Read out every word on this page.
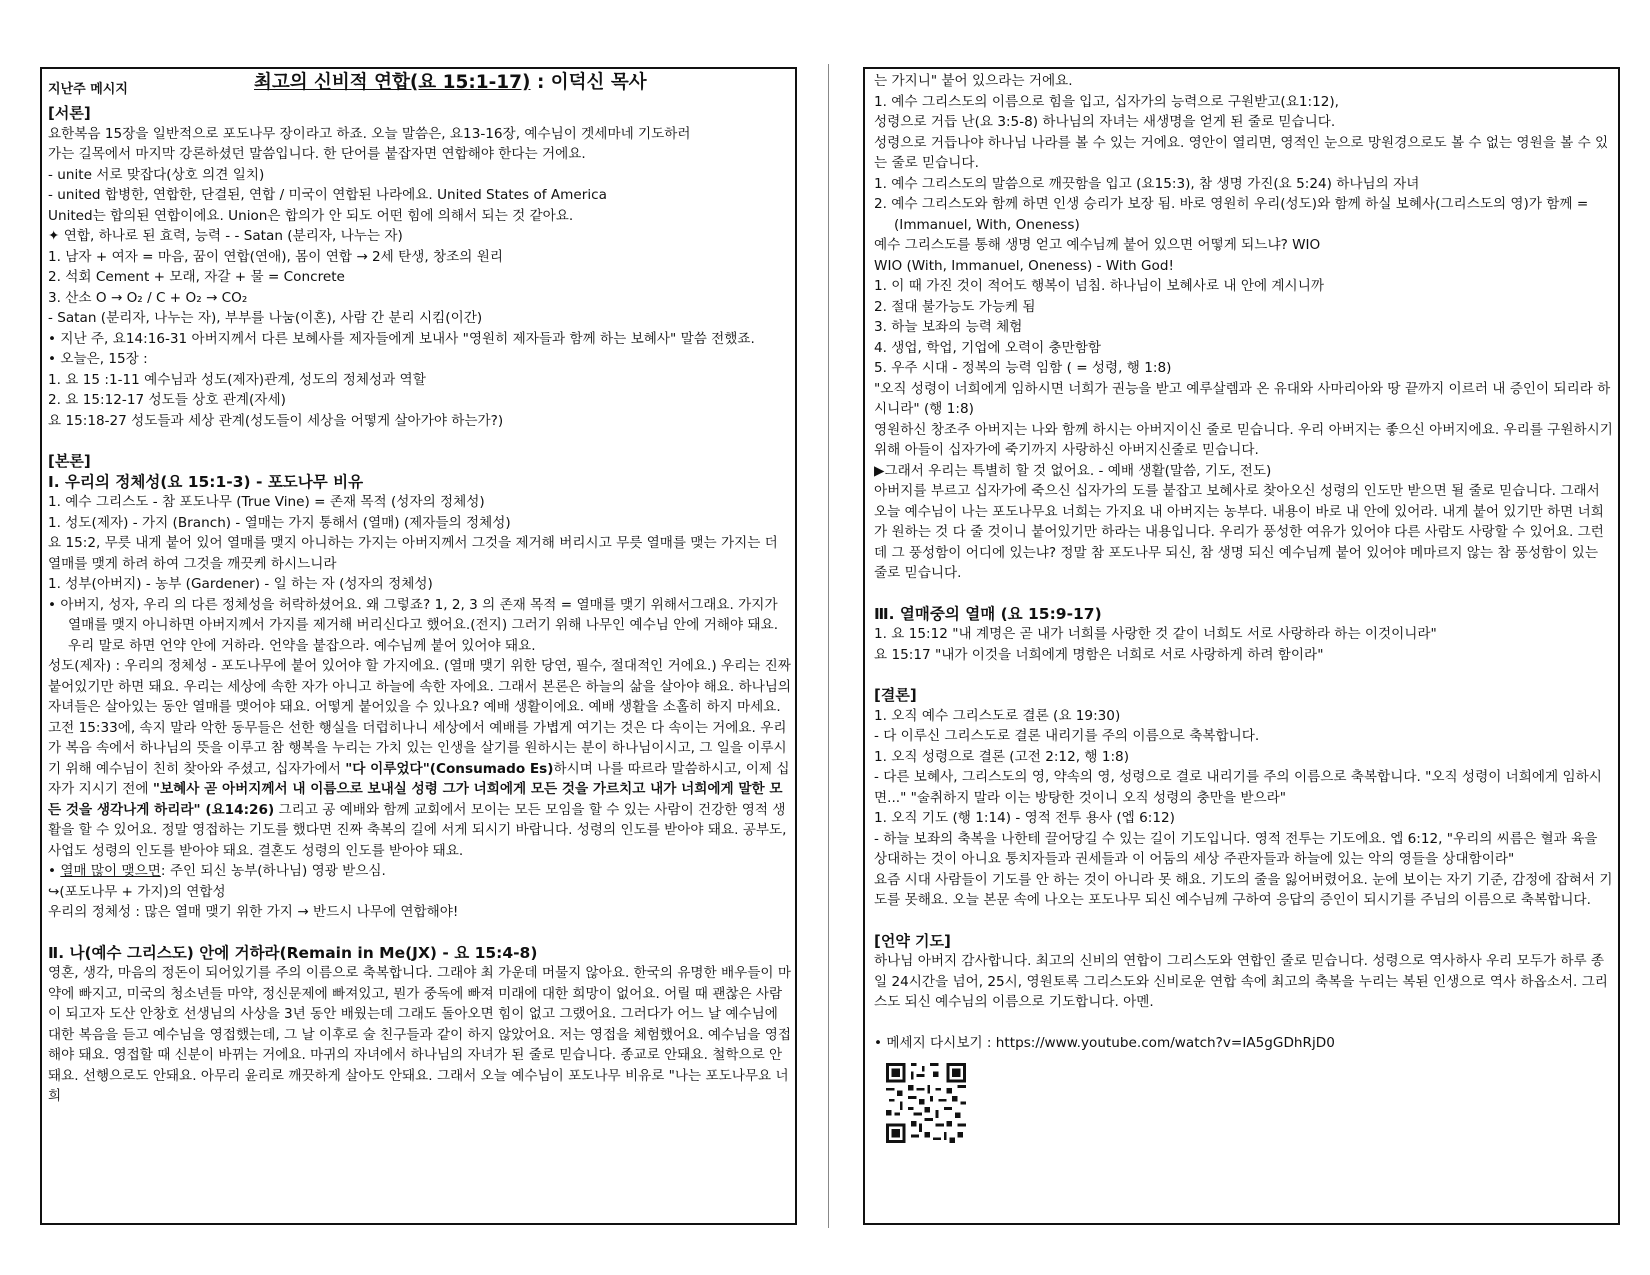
지난주 메시지	최고의 신비적 연합(요 15:1-17) : 이덕신 목사
[서론]
요한복음 15장을 일반적으로 포도나무 장이라고 하죠. 오늘 말씀은, 요13-16장, 예수님이 겟세마네 기도하러
가는 길목에서 마지막 강론하셨던 말씀입니다. 한 단어를 붙잡자면 연합해야 한다는 거에요.
- unite 서로 맞잡다(상호 의견 일치)
- united 합병한, 연합한, 단결된, 연합 / 미국이 연합된 나라에요. United States of America
United는 합의된 연합이에요. Union은 합의가 안 되도 어떤 힘에 의해서 되는 것 같아요.
✦ 연합, 하나로 된 효력, 능력 - - Satan (분리자, 나누는 자)
1. 남자 + 여자 = 마음, 꿈이 연합(연애), 몸이 연합 → 2세 탄생, 창조의 원리
2. 석회 Cement + 모래, 자갈 + 물 = Concrete
3. 산소 O → O₂ / C + O₂ → CO₂
- Satan (분리자, 나누는 자), 부부를 나눔(이혼), 사람 간 분리 시킴(이간)
• 지난 주, 요14:16-31 아버지께서 다른 보혜사를 제자들에게 보내사 "영원히 제자들과 함께 하는 보혜사" 말씀 전했죠.
• 오늘은, 15장 :
1. 요 15 :1-11 예수님과 성도(제자)관계, 성도의 정체성과 역할
2. 요 15:12-17 성도들 상호 관계(자세)
요 15:18-27 성도들과 세상 관계(성도들이 세상을 어떻게 살아가야 하는가?)
[본론]
Ⅰ. 우리의 정체성(요 15:1-3) - 포도나무 비유
1. 예수 그리스도 - 참 포도나무 (True Vine) = 존재 목적 (성자의 정체성)
1. 성도(제자) - 가지 (Branch) - 열매는 가지 통해서 (열매) (제자들의 정체성)
요 15:2, 무릇 내게 붙어 있어 열매를 맺지 아니하는 가지는 아버지께서 그것을 제거해 버리시고 무릇 열매를 맺는 가지는 더 열매를 맺게 하려 하여 그것을 깨끗케 하시느니라
1. 성부(아버지) - 농부 (Gardener) - 일 하는 자 (성자의 정체성)
• 아버지, 성자, 우리 의 다른 정체성을 허락하셨어요. 왜 그렇죠? 1, 2, 3 의 존재 목적 = 열매를 맺기 위해서그래요. 가지가 열매를 맺지 아니하면 아버지께서 가지를 제거해 버리신다고 했어요.(전지) 그러기 위해 나무인 예수님 안에 거해야 돼요. 우리 말로 하면 언약 안에 거하라. 언약을 붙잡으라. 예수님께 붙어 있어야 돼요.
성도(제자) : 우리의 정체성 - 포도나무에 붙어 있어야 할 가지에요. (열매 맺기 위한 당연, 필수, 절대적인 거에요.) 우리는 진짜 붙어있기만 하면 돼요. 우리는 세상에 속한 자가 아니고 하늘에 속한 자에요. 그래서 본론은 하늘의 삶을 살아야 해요. 하나님의 자녀들은 살아있는 동안 열매를 맺어야 돼요. 어떻게 붙어있을 수 있나요? 예배 생활이에요. 예배 생활을 소홀히 하지 마세요. 고전 15:33에, 속지 말라 악한 동무들은 선한 행실을 더럽히나니 세상에서 예배를 가볍게 여기는 것은 다 속이는 거에요. 우리가 복음 속에서 하나님의 뜻을 이루고 참 행복을 누리는 가치 있는 인생을 살기를 원하시는 분이 하나님이시고, 그 일을 이루시기 위해 예수님이 친히 찾아와 주셨고, 십자가에서 "다 이루었다"(Consumado Es)하시며 나를 따르라 말씀하시고, 이제 십자가 지시기 전에 "보혜사 곧 아버지께서 내 이름으로 보내실 성령 그가 너희에게 모든 것을 가르치고 내가 너희에게 말한 모든 것을 생각나게 하리라" (요14:26) 그리고 공 예배와 함께 교회에서 모이는 모든 모임을 할 수 있는 사람이 건강한 영적 생활을 할 수 있어요. 정말 영접하는 기도를 했다면 진짜 축복의 길에 서게 되시기 바랍니다. 성령의 인도를 받아야 돼요. 공부도, 사업도 성령의 인도를 받아야 돼요. 결혼도 성령의 인도를 받아야 돼요.
• 열매 많이 맺으면: 주인 되신 농부(하나님) 영광 받으심.
↪(포도나무 + 가지)의 연합성
우리의 정체성 : 많은 열매 맺기 위한 가지 → 반드시 나무에 연합해야!
Ⅱ. 나(예수 그리스도) 안에 거하라(Remain in Me(JX) - 요 15:4-8)
영혼, 생각, 마음의 정돈이 되어있기를 주의 이름으로 축복합니다. 그래야 최 가운데 머물지 않아요. 한국의 유명한 배우들이 마약에 빠지고, 미국의 청소년들 마약, 정신문제에 빠져있고, 뭔가 중독에 빠져 미래에 대한 희망이 없어요. 어릴 때 괜찮은 사람이 되고자 도산 안창호 선생님의 사상을 3년 동안 배웠는데 그래도 돌아오면 힘이 없고 그랬어요. 그러다가 어느 날 예수님에 대한 복음을 듣고 예수님을 영접했는데, 그 날 이후로 술 친구들과 같이 하지 않았어요. 저는 영접을 체험했어요. 예수님을 영접해야 돼요. 영접할 때 신분이 바뀌는 거에요. 마귀의 자녀에서 하나님의 자녀가 된 줄로 믿습니다. 종교로 안돼요. 철학으로 안돼요. 선행으로도 안돼요. 아무리 윤리로 깨끗하게 살아도 안돼요. 그래서 오늘 예수님이 포도나무 비유로 "나는 포도나무요 너희
는 가지니" 붙어 있으라는 거에요.
1. 예수 그리스도의 이름으로 힘을 입고, 십자가의 능력으로 구원받고(요1:12),
성령으로 거듭 난(요 3:5-8) 하나님의 자녀는 새생명을 얻게 된 줄로 믿습니다.
성령으로 거듭나야 하나님 나라를 볼 수 있는 거에요. 영안이 열리면, 영적인 눈으로 망원경으로도 볼 수 없는 영원을 볼 수 있는 줄로 믿습니다.
1. 예수 그리스도의 말씀으로 깨끗함을 입고 (요15:3), 참 생명 가진(요 5:24) 하나님의 자녀
2. 예수 그리스도와 함께 하면 인생 승리가 보장 됨. 바로 영원히 우리(성도)와 함께 하실 보혜사(그리스도의 영)가 함께 = (Immanuel, With, Oneness)
예수 그리스도를 통해 생명 얻고 예수님께 붙어 있으면 어떻게 되느냐? WIO
WIO (With, Immanuel, Oneness) - With God!
1. 이 때 가진 것이 적어도 행복이 넘침. 하나님이 보혜사로 내 안에 계시니까
2. 절대 불가능도 가능케 됨
3. 하늘 보좌의 능력 체험
4. 생업, 학업, 기업에 오력이 충만함함
5. 우주 시대 - 정복의 능력 임함 ( = 성령, 행 1:8)
"오직 성령이 너희에게 임하시면 너희가 권능을 받고 예루살렘과 온 유대와 사마리아와 땅 끝까지 이르러 내 증인이 되리라 하시니라" (행 1:8)
영원하신 창조주 아버지는 나와 함께 하시는 아버지이신 줄로 믿습니다. 우리 아버지는 좋으신 아버지에요. 우리를 구원하시기 위해 아들이 십자가에 죽기까지 사랑하신 아버지신줄로 믿습니다.
▶그래서 우리는 특별히 할 것 없어요. - 예배 생활(말씀, 기도, 전도)
아버지를 부르고 십자가에 죽으신 십자가의 도를 붙잡고 보혜사로 찾아오신 성령의 인도만 받으면 될 줄로 믿습니다. 그래서 오늘 예수님이 나는 포도나무요 너희는 가지요 내 아버지는 농부다. 내용이 바로 내 안에 있어라. 내게 붙어 있기만 하면 너희가 원하는 것 다 줄 것이니 붙어있기만 하라는 내용입니다. 우리가 풍성한 여유가 있어야 다른 사람도 사랑할 수 있어요. 그런데 그 풍성함이 어디에 있는냐? 정말 참 포도나무 되신, 참 생명 되신 예수님께 붙어 있어야 메마르지 않는 참 풍성함이 있는 줄로 믿습니다.
Ⅲ. 열매중의 열매 (요 15:9-17)
1. 요 15:12 "내 계명은 곧 내가 너희를 사랑한 것 같이 너희도 서로 사랑하라 하는 이것이니라"
요 15:17 "내가 이것을 너희에게 명함은 너희로 서로 사랑하게 하려 함이라"
[결론]
1. 오직 예수 그리스도로 결론 (요 19:30)
- 다 이루신 그리스도로 결론 내리기를 주의 이름으로 축복합니다.
1. 오직 성령으로 결론 (고전 2:12, 행 1:8)
- 다른 보혜사, 그리스도의 영, 약속의 영, 성령으로 결로 내리기를 주의 이름으로 축복합니다. "오직 성령이 너희에게 임하시면..." "술취하지 말라 이는 방탕한 것이니 오직 성령의 충만을 받으라"
1. 오직 기도 (행 1:14) - 영적 전투 용사 (엡 6:12)
- 하늘 보좌의 축복을 나한테 끌어당길 수 있는 길이 기도입니다. 영적 전투는 기도에요. 엡 6:12, "우리의 씨름은 혈과 육을 상대하는 것이 아니요 통치자들과 권세들과 이 어둠의 세상 주관자들과 하늘에 있는 악의 영들을 상대함이라"
요즘 시대 사람들이 기도를 안 하는 것이 아니라 못 해요. 기도의 줄을 잃어버렸어요. 눈에 보이는 자기 기준, 감정에 잡혀서 기도를 못해요. 오늘 본문 속에 나오는 포도나무 되신 예수님께 구하여 응답의 증인이 되시기를 주님의 이름으로 축복합니다.
[언약 기도]
하나님 아버지 감사합니다. 최고의 신비의 연합이 그리스도와 연합인 줄로 믿습니다. 성령으로 역사하사 우리 모두가 하루 종일 24시간을 넘어, 25시, 영원토록 그리스도와 신비로운 연합 속에 최고의 축복을 누리는 복된 인생으로 역사 하옵소서. 그리스도 되신 예수님의 이름으로 기도합니다. 아멘.
• 메세지 다시보기 : https://www.youtube.com/watch?v=IA5gGDhRjD0
